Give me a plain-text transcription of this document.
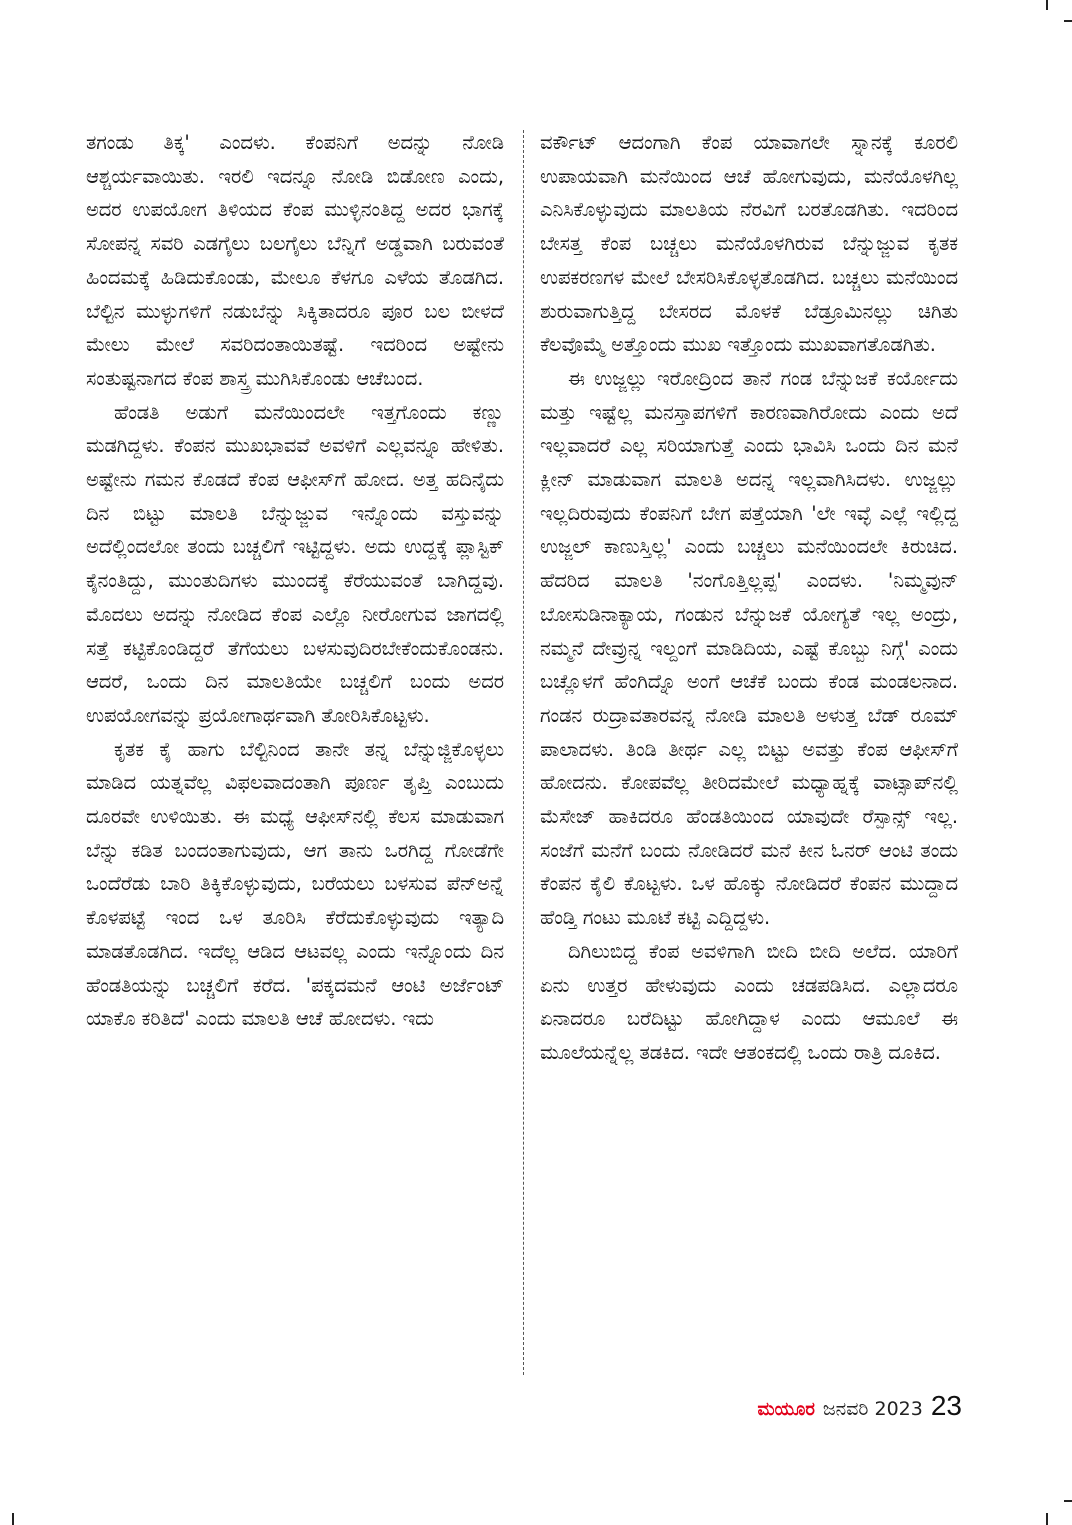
ತಗಂಡು ತಿಕ್ಕ' ಎಂದಳು. ಕೆಂಪನಿಗೆ ಅದನ್ನು ನೋಡಿ ಆಶ್ಚರ್ಯವಾಯಿತು. ಇರಲಿ ಇದನ್ನೂ ನೋಡಿ ಬಿಡೋಣ ಎಂದು, ಅದರ ಉಪಯೋಗ ತಿಳಿಯದ ಕೆಂಪ ಮುಳ್ಳಿನಂತಿದ್ದ ಅದರ ಭಾಗಕ್ಕೆ ಸೋಪನ್ನ ಸವರಿ ಎಡಗೈಲು ಬಲಗೈಲು ಬೆನ್ನಿಗೆ ಅಡ್ಡವಾಗಿ ಬರುವಂತೆ ಹಿಂದಮಕ್ಕೆ ಹಿಡಿದುಕೊಂಡು, ಮೇಲೂ ಕೆಳಗೂ ಎಳೆಯ ತೊಡಗಿದ. ಬೆಲ್ಟಿನ ಮುಳ್ಳುಗಳಿಗೆ ನಡುಬೆನ್ನು ಸಿಕ್ಕಿತಾದರೂ ಪೂರ ಬಲ ಬೀಳದೆ ಮೇಲು ಮೇಲೆ ಸವರಿದಂತಾಯಿತಷ್ಟೆ. ಇದರಿಂದ ಅಷ್ಟೇನು ಸಂತುಷ್ಟನಾಗದ ಕೆಂಪ ಶಾಸ್ತ್ರ ಮುಗಿಸಿಕೊಂಡು ಆಚೆಬಂದ.

ಹೆಂಡತಿ ಅಡುಗೆ ಮನೆಯಿಂದಲೇ ಇತ್ತಗೊಂದು ಕಣ್ಣು ಮಡಗಿದ್ದಳು. ಕೆಂಪನ ಮುಖಭಾವವೆ ಅವಳಿಗೆ ಎಲ್ಲವನ್ನೂ ಹೇಳಿತು. ಅಷ್ಟೇನು ಗಮನ ಕೊಡದೆ ಕೆಂಪ ಆಫೀಸ್‌ಗೆ ಹೋದ. ಅತ್ತ ಹದಿನೈದು ದಿನ ಬಿಟ್ಟು ಮಾಲತಿ ಬೆನ್ನುಜ್ಜುವ ಇನ್ನೊಂದು ವಸ್ತುವನ್ನು ಅದೆಲ್ಲಿಂದಲೋ ತಂದು ಬಚ್ಚಲಿಗೆ ಇಟ್ಟಿದ್ದಳು. ಅದು ಉದ್ದಕ್ಕೆ ಪ್ಲಾಸ್ಟಿಕ್ ಕೈನಂತಿದ್ದು, ಮುಂತುದಿಗಳು ಮುಂದಕ್ಕೆ ಕೆರೆಯುವಂತೆ ಬಾಗಿದ್ದವು. ಮೊದಲು ಅದನ್ನು ನೋಡಿದ ಕೆಂಪ ಎಲ್ಲೊ ನೀರೋಗುವ ಜಾಗದಲ್ಲಿ ಸತ್ತೆ ಕಟ್ಟಿಕೊಂಡಿದ್ದರೆ ತೆಗೆಯಲು ಬಳಸುವುದಿರಬೇಕೆಂದುಕೊಂಡನು. ಆದರೆ, ಒಂದು ದಿನ ಮಾಲತಿಯೇ ಬಚ್ಚಲಿಗೆ ಬಂದು ಅದರ ಉಪಯೋಗವನ್ನು ಪ್ರಯೋಗಾರ್ಥವಾಗಿ ತೋರಿಸಿಕೊಟ್ಟಳು.

ಕೃತಕ ಕೈ ಹಾಗು ಬೆಲ್ಟಿನಿಂದ ತಾನೇ ತನ್ನ ಬೆನ್ನುಜ್ಜಿಕೊಳ್ಳಲು ಮಾಡಿದ ಯತ್ನವೆಲ್ಲ ವಿಫಲವಾದಂತಾಗಿ ಪೂರ್ಣ ತೃಪ್ತಿ ಎಂಬುದು ದೂರವೇ ಉಳಿಯಿತು. ಈ ಮಧ್ಯೆ ಆಫೀಸ್‌ನಲ್ಲಿ ಕೆಲಸ ಮಾಡುವಾಗ ಬೆನ್ನು ಕಡಿತ ಬಂದಂತಾಗುವುದು, ಆಗ ತಾನು ಒರಗಿದ್ದ ಗೋಡೆಗೇ ಒಂದೆರೆಡು ಬಾರಿ ತಿಕ್ಕಿಕೊಳ್ಳುವುದು, ಬರೆಯಲು ಬಳಸುವ ಪೆನ್‌ಅನ್ನೆ ಕೊಳಪಟ್ಟೆ ಇಂದ ಒಳ ತೂರಿಸಿ ಕೆರೆದುಕೊಳ್ಳುವುದು ಇತ್ಯಾದಿ ಮಾಡತೊಡಗಿದ. ಇದೆಲ್ಲ ಆಡಿದ ಆಟವಲ್ಲ ಎಂದು ಇನ್ನೊಂದು ದಿನ ಹೆಂಡತಿಯನ್ನು ಬಚ್ಚಲಿಗೆ ಕರೆದ. 'ಪಕ್ಕದಮನೆ ಆಂಟಿ ಅರ್ಜೆಂಟ್ ಯಾಕೊ ಕರಿತಿದೆ' ಎಂದು ಮಾಲತಿ ಆಚೆ ಹೋದಳು. ಇದು

ವರ್ಕೌಟ್ ಆದಂಗಾಗಿ ಕೆಂಪ ಯಾವಾಗಲೇ ಸ್ನಾನಕ್ಕೆ ಕೂರಲಿ ಉಪಾಯವಾಗಿ ಮನೆಯಿಂದ ಆಚೆ ಹೋಗುವುದು, ಮನೆಯೊಳಗಿಲ್ಲ ಎನಿಸಿಕೊಳ್ಳುವುದು ಮಾಲತಿಯ ನೆರವಿಗೆ ಬರತೊಡಗಿತು. ಇದರಿಂದ ಬೇಸತ್ತ ಕೆಂಪ ಬಚ್ಚಲು ಮನೆಯೊಳಗಿರುವ ಬೆನ್ನುಜ್ಜುವ ಕೃತಕ ಉಪಕರಣಗಳ ಮೇಲೆ ಬೇಸರಿಸಿಕೊಳ್ಳತೊಡಗಿದ. ಬಚ್ಚಲು ಮನೆಯಿಂದ ಶುರುವಾಗುತ್ತಿದ್ದ ಬೇಸರದ ಮೊಳಕೆ ಬೆಡ್ರೂಮಿನಲ್ಲು ಚಿಗಿತು ಕೆಲವೊಮ್ಮೆ ಅತ್ತೊಂದು ಮುಖ ಇತ್ತೊಂದು ಮುಖವಾಗತೊಡಗಿತು.

ಈ ಉಜ್ಜಲ್ಲು ಇರೋದ್ರಿಂದ ತಾನೆ ಗಂಡ ಬೆನ್ನುಜಕೆ ಕರ್ಯೋದು ಮತ್ತು ಇಷ್ಟೆಲ್ಲ ಮನಸ್ತಾಪಗಳಿಗೆ ಕಾರಣವಾಗಿರೋದು ಎಂದು ಅದೆ ಇಲ್ಲವಾದರೆ ಎಲ್ಲ ಸರಿಯಾಗುತ್ತೆ ಎಂದು ಭಾವಿಸಿ ಒಂದು ದಿನ ಮನೆ ಕ್ಲೀನ್ ಮಾಡುವಾಗ ಮಾಲತಿ ಅದನ್ನ ಇಲ್ಲವಾಗಿಸಿದಳು. ಉಜ್ಜಲ್ಲು ಇಲ್ಲದಿರುವುದು ಕೆಂಪನಿಗೆ ಬೇಗ ಪತ್ತೆಯಾಗಿ 'ಲೇ ಇವ್ಳೆ ಎಲ್ಲೆ ಇಲ್ಲಿದ್ದ ಉಜ್ಜಲ್ ಕಾಣುಸ್ತಿಲ್ಲ' ಎಂದು ಬಚ್ಚಲು ಮನೆಯಿಂದಲೇ ಕಿರುಚಿದ. ಹೆದರಿದ ಮಾಲತಿ 'ನಂಗೊತ್ತಿಲ್ಲಪ್ಪ' ಎಂದಳು. 'ನಿಮ್ಮವುನ್ ಬೋಸುಡಿನಾಕ್ಯಾಯ, ಗಂಡುನ ಬೆನ್ನುಜಕೆ ಯೋಗ್ಯತೆ ಇಲ್ಲ ಅಂದ್ರು, ನಮ್ಮನೆ ದೇವ್ರುನ್ನ ಇಲ್ದಂಗೆ ಮಾಡಿದಿಯ, ಎಷ್ಟೆ ಕೊಬ್ಬು ನಿಗ್ಗೆ' ಎಂದು ಬಚ್ಲೊಳಗೆ ಹೆಂಗಿದ್ನೊ ಅಂಗೆ ಆಚೆಕೆ ಬಂದು ಕೆಂಡ ಮಂಡಲನಾದ. ಗಂಡನ ರುದ್ರಾವತಾರವನ್ನ ನೋಡಿ ಮಾಲತಿ ಅಳುತ್ತ ಬೆಡ್ ರೂಮ್ ಪಾಲಾದಳು. ತಿಂಡಿ ತೀರ್ಥ ಎಲ್ಲ ಬಿಟ್ಟು ಅವತ್ತು ಕೆಂಪ ಆಫೀಸ್‌ಗೆ ಹೋದನು. ಕೋಪವೆಲ್ಲ ತೀರಿದಮೇಲೆ ಮಧ್ಯಾಹ್ನಕ್ಕೆ ವಾಟ್ಸಾಪ್‌ನಲ್ಲಿ ಮೆಸೇಜ್ ಹಾಕಿದರೂ ಹೆಂಡತಿಯಿಂದ ಯಾವುದೇ ರೆಸ್ಪಾನ್ಸ್ ಇಲ್ಲ. ಸಂಜೆಗೆ ಮನೆಗೆ ಬಂದು ನೋಡಿದರೆ ಮನೆ ಕೀನ ಓನರ್ ಆಂಟಿ ತಂದು ಕೆಂಪನ ಕೈಲಿ ಕೊಟ್ಟಳು. ಒಳ ಹೊಕ್ಕು ನೋಡಿದರೆ ಕೆಂಪನ ಮುದ್ದಾದ ಹೆಂಡ್ತಿ ಗಂಟು ಮೂಟೆ ಕಟ್ಟಿ ಎದ್ದಿದ್ದಳು.

ದಿಗಿಲುಬಿದ್ದ ಕೆಂಪ ಅವಳಿಗಾಗಿ ಬೀದಿ ಬೀದಿ ಅಲೆದ. ಯಾರಿಗೆ ಏನು ಉತ್ತರ ಹೇಳುವುದು ಎಂದು ಚಡಪಡಿಸಿದ. ಎಲ್ಲಾದರೂ ಏನಾದರೂ ಬರೆದಿಟ್ಟು ಹೋಗಿದ್ದಾಳ ಎಂದು ಆಮೂಲೆ ಈ ಮೂಲೆಯನ್ನೆಲ್ಲ ತಡಕಿದ. ಇದೇ ಆತಂಕದಲ್ಲಿ ಒಂದು ರಾತ್ರಿ ದೂಕಿದ.

ಮಯೂರ ಜನವರಿ 2023 23
